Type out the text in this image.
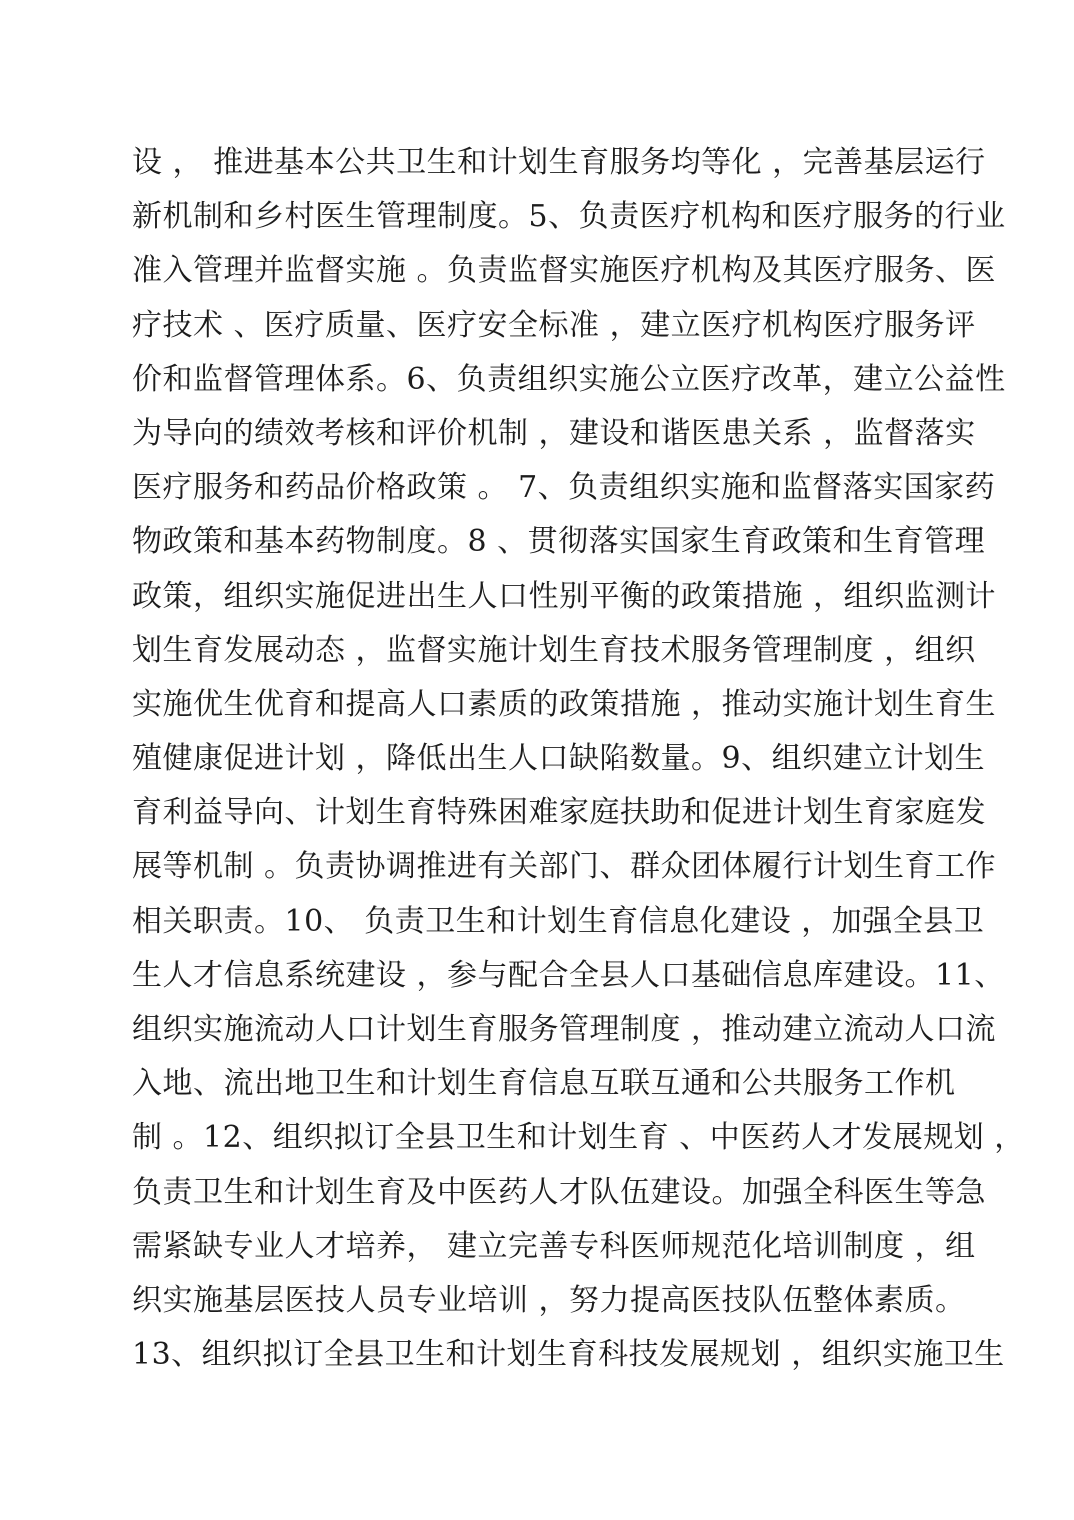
设 ， 推进基本公共卫生和计划生育服务均等化 ，完善基层运行
新机制和乡村医生管理制度。5、负责医疗机构和医疗服务的行业
准入管理并监督实施 。负责监督实施医疗机构及其医疗服务、医
疗技术 、医疗质量、医疗安全标准 ，建立医疗机构医疗服务评
价和监督管理体系。6、负责组织实施公立医疗改革，建立公益性
为导向的绩效考核和评价机制 ，建设和谐医患关系 ，监督落实
医疗服务和药品价格政策 。 7、负责组织实施和监督落实国家药
物政策和基本药物制度。8 、贯彻落实国家生育政策和生育管理
政策，组织实施促进出生人口性别平衡的政策措施 ，组织监测计
划生育发展动态 ，监督实施计划生育技术服务管理制度 ，组织
实施优生优育和提高人口素质的政策措施 ，推动实施计划生育生
殖健康促进计划 ，降低出生人口缺陷数量。9、组织建立计划生
育利益导向、计划生育特殊困难家庭扶助和促进计划生育家庭发
展等机制 。负责协调推进有关部门、群众团体履行计划生育工作
相关职责。10、 负责卫生和计划生育信息化建设 ，加强全县卫
生人才信息系统建设 ，参与配合全县人口基础信息库建设。11、
组织实施流动人口计划生育服务管理制度 ，推动建立流动人口流
入地、流出地卫生和计划生育信息互联互通和公共服务工作机
制 。12、组织拟订全县卫生和计划生育 、中医药人才发展规划 ，
负责卫生和计划生育及中医药人才队伍建设。加强全科医生等急
需紧缺专业人才培养， 建立完善专科医师规范化培训制度 ，组
织实施基层医技人员专业培训 ，努力提高医技队伍整体素质。
13、组织拟订全县卫生和计划生育科技发展规划 ，组织实施卫生
